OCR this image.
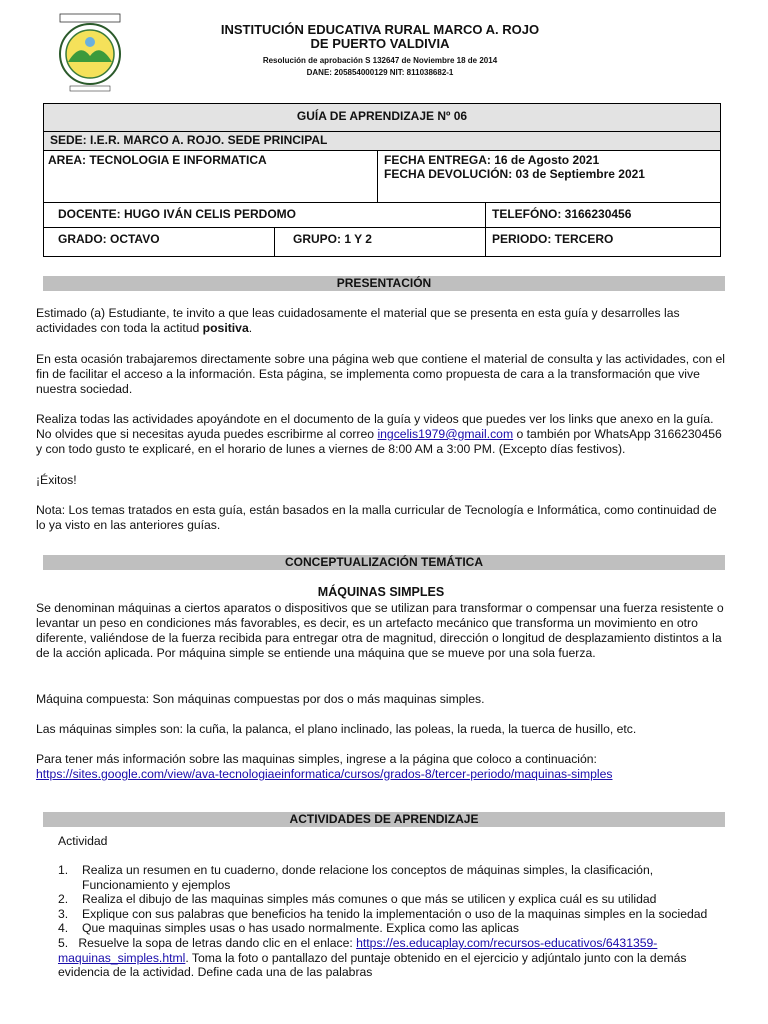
INSTITUCIÓN EDUCATIVA RURAL MARCO A. ROJO
DE PUERTO VALDIVIA
Resolución de aprobación S 132647 de Noviembre 18 de 2014
DANE: 205854000129 NIT: 811038682-1
GUÍA DE APRENDIZAJE Nº 06
SEDE: I.E.R. MARCO A. ROJO. SEDE PRINCIPAL
AREA: TECNOLOGIA E INFORMATICA	FECHA ENTREGA: 16 de Agosto 2021
FECHA DEVOLUCIÓN: 03 de Septiembre 2021
DOCENTE: HUGO IVÁN CELIS PERDOMO	TELEFÓNO: 3166230456
GRADO: OCTAVO	GRUPO: 1 Y 2	PERIODO: TERCERO
PRESENTACIÓN
Estimado (a) Estudiante, te invito a que leas cuidadosamente el material que se presenta en esta guía y desarrolles las actividades con toda la actitud positiva.
En esta ocasión trabajaremos directamente sobre una página web que contiene el material de consulta y las actividades, con el fin de facilitar el acceso a la información. Esta página, se implementa como propuesta de cara a la transformación que vive nuestra sociedad.
Realiza todas las actividades apoyándote en el documento de la guía y videos que puedes ver los links que anexo en la guía. No olvides que si necesitas ayuda puedes escribirme al correo ingcelis1979@gmail.com o también por WhatsApp 3166230456 y con todo gusto te explicaré, en el horario de lunes a viernes de 8:00 AM a 3:00 PM. (Excepto días festivos).
¡Éxitos!
Nota: Los temas tratados en esta guía, están basados en la malla curricular de Tecnología e Informática, como continuidad de lo ya visto en las anteriores guías.
CONCEPTUALIZACIÓN TEMÁTICA
MÁQUINAS SIMPLES
Se denominan máquinas a ciertos aparatos o dispositivos que se utilizan para transformar o compensar una fuerza resistente o levantar un peso en condiciones más favorables, es decir, es un artefacto mecánico que transforma un movimiento en otro diferente, valiéndose de la fuerza recibida para entregar otra de magnitud, dirección o longitud de desplazamiento distintos a la de la acción aplicada. Por máquina simple se entiende una máquina que se mueve por una sola fuerza.
Máquina compuesta: Son máquinas compuestas por dos o más maquinas simples.
Las máquinas simples son: la cuña, la palanca, el plano inclinado, las poleas, la rueda, la tuerca de husillo, etc.
Para tener más información sobre las maquinas simples, ingrese a la página que coloco a continuación:
https://sites.google.com/view/ava-tecnologiaeinformatica/cursos/grados-8/tercer-periodo/maquinas-simples
ACTIVIDADES DE APRENDIZAJE
Actividad
1. Realiza un resumen en tu cuaderno, donde relacione los conceptos de máquinas simples, la clasificación, Funcionamiento y ejemplos
2. Realiza el dibujo de las maquinas simples más comunes o que más se utilicen y explica cuál es su utilidad
3. Explique con sus palabras que beneficios ha tenido la implementación o uso de la maquinas simples en la sociedad
4. Que maquinas simples usas o has usado normalmente. Explica como las aplicas
5. Resuelve la sopa de letras dando clic en el enlace: https://es.educaplay.com/recursos-educativos/6431359-maquinas_simples.html. Toma la foto o pantallazo del puntaje obtenido en el ejercicio y adjúntalo junto con la demás evidencia de la actividad. Define cada una de las palabras
